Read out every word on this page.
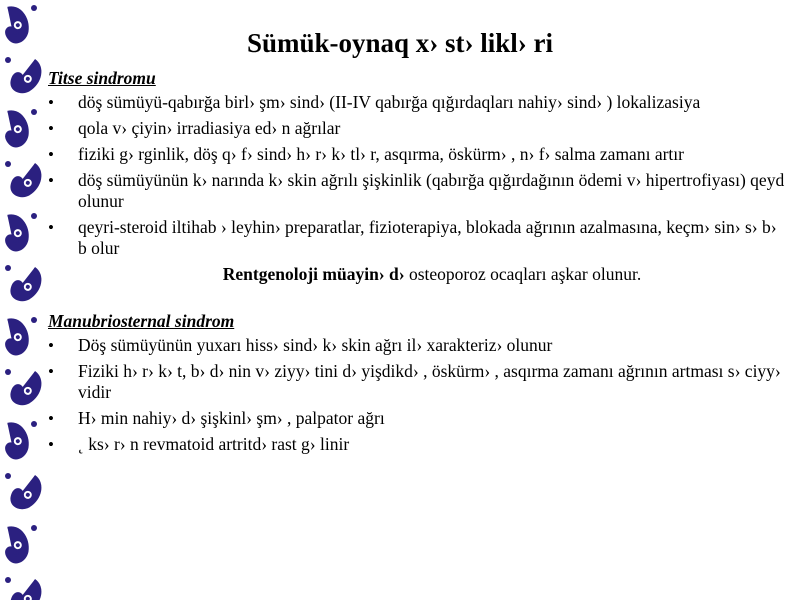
Sümük-oynaq x› st› likl› ri
Titse sindromu
• döş sümüyü-qabırğa birl› şm› sind› (II-IV qabırğa qığırdaqları nahiy› sind› ) lokalizasiya
• qola v› çiyin› irradiasiya ed› n ağrılar
• fiziki g› rginlik, döş q› f› sind› h› r› k› tl› r, asqırma, öskürm› , n› f› salma zamanı artır
• döş sümüyünün k› narında k› skin ağrılı şişkinlik (qabırğa qığırdağının ödemi v› hipertrofiyası) qeyd olunur
• qeyri-steroid iltihab › leyhin› preparatlar, fizioterapiya, blokada ağrının azalmasına, keçm› sin› s› b› b olur
Rentgenoloji müayin› d› osteoporoz ocaqları aşkar olunur.
Manubriosternal sindrom
• Döş sümüyünün yuxarı hiss› sind› k› skin ağrı il› xarakteriz› olunur
• Fiziki h› r› k› t, b› d› nin v› ziyy› tini d› yişdikd› , öskürm› , asqırma zamanı ağrının artması s› ciyy› vidir
• H› min nahiy› d› şişkinl› şm› , palpator ağrı
• ˛ ks› r› n revmatoid artritd› rast g› linir
